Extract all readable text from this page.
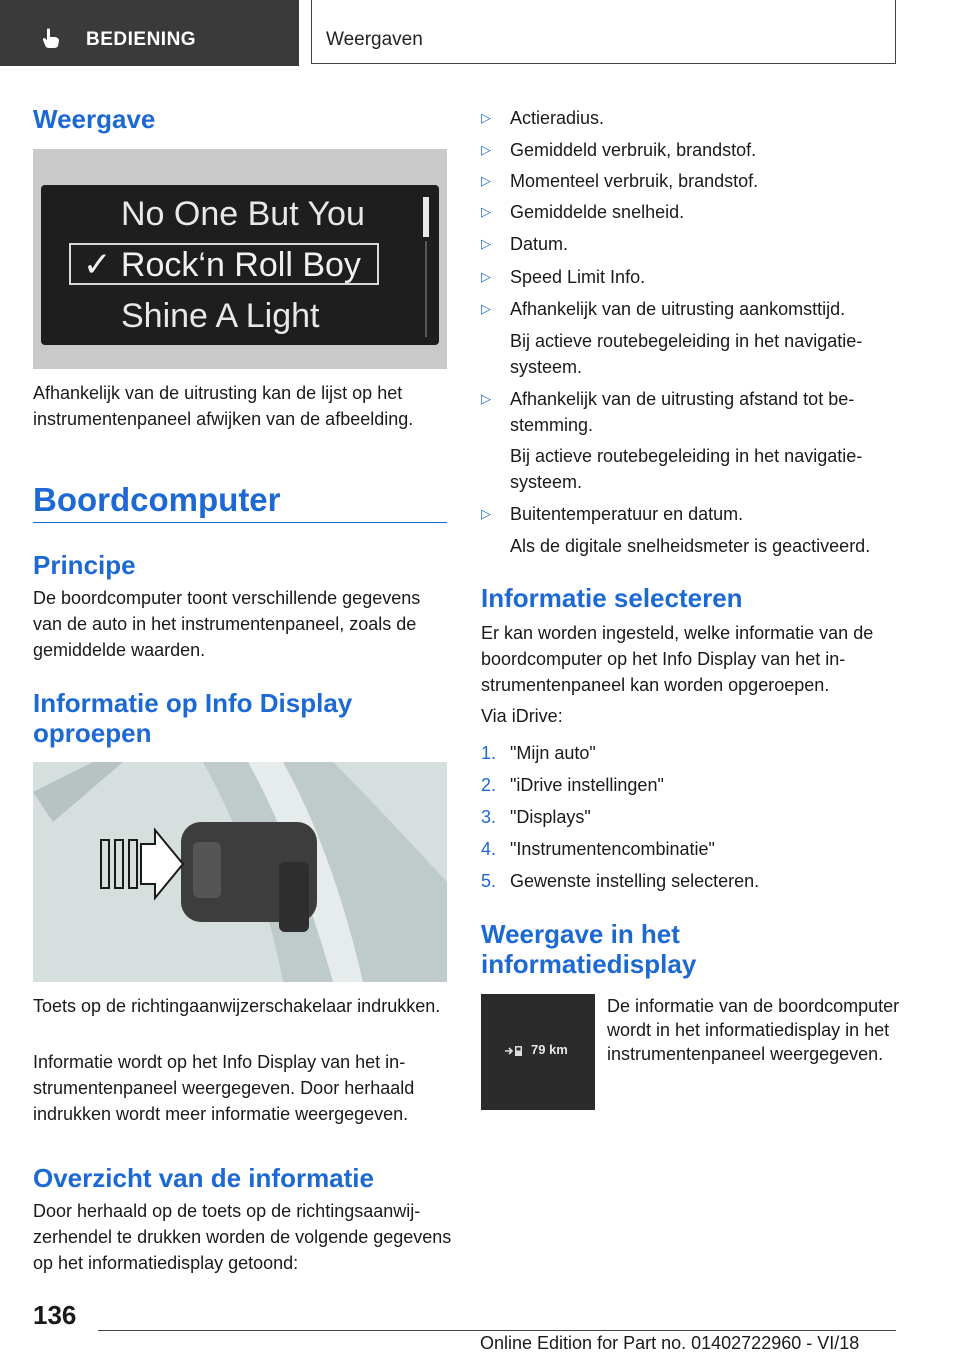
BEDIENING	Weergaven
Weergave
No One But You
✓ Rock‘n Roll Boy
Shine A Light

Afhankelijk van de uitrusting kan de lijst op het instrumentenpaneel afwijken van de afbeelding.

Boordcomputer
Principe

De boordcomputer toont verschillende gegevens van de auto in het instrumentenpaneel, zoals de gemiddelde waarden.

Informatie op Info Display
oproepen

Toets op de richtingaanwijzerschakelaar indrukken.

Informatie wordt op het Info Display van het instrumentenpaneel weergegeven. Door herhaald indrukken wordt meer informatie weergegeven.

Overzicht van de informatie

Door herhaald op de toets op de richtingsaanwijzerhendel te drukken worden de volgende gegevens op het informatiedisplay getoond:

▷ Actieradius.
▷ Gemiddeld verbruik, brandstof.
▷ Momenteel verbruik, brandstof.
▷ Gemiddelde snelheid.
▷ Datum.
▷ Speed Limit Info.
▷ Afhankelijk van de uitrusting aankomsttijd.

Bij actieve routebegeleiding in het navigatiesysteem.

▷ Afhankelijk van de uitrusting afstand tot bestemming.

Bij actieve routebegeleiding in het navigatiesysteem.

▷ Buitentemperatuur en datum.

Als de digitale snelheidsmeter is geactiveerd.

Informatie selecteren

Er kan worden ingesteld, welke informatie van de boordcomputer op het Info Display van het instrumentenpaneel kan worden opgeroepen.

Via iDrive:

1. "Mijn auto"
2. "iDrive instellingen"
3. "Displays"
4. "Instrumentencombinatie"
5. Gewenste instelling selecteren.
Weergave in het
informatiedisplay
79 km

De informatie van de boordcomputer wordt in het informatiedisplay in het instrumentenpaneel weergegeven.

136
Online Edition for Part no. 01402722960 - VI/18
